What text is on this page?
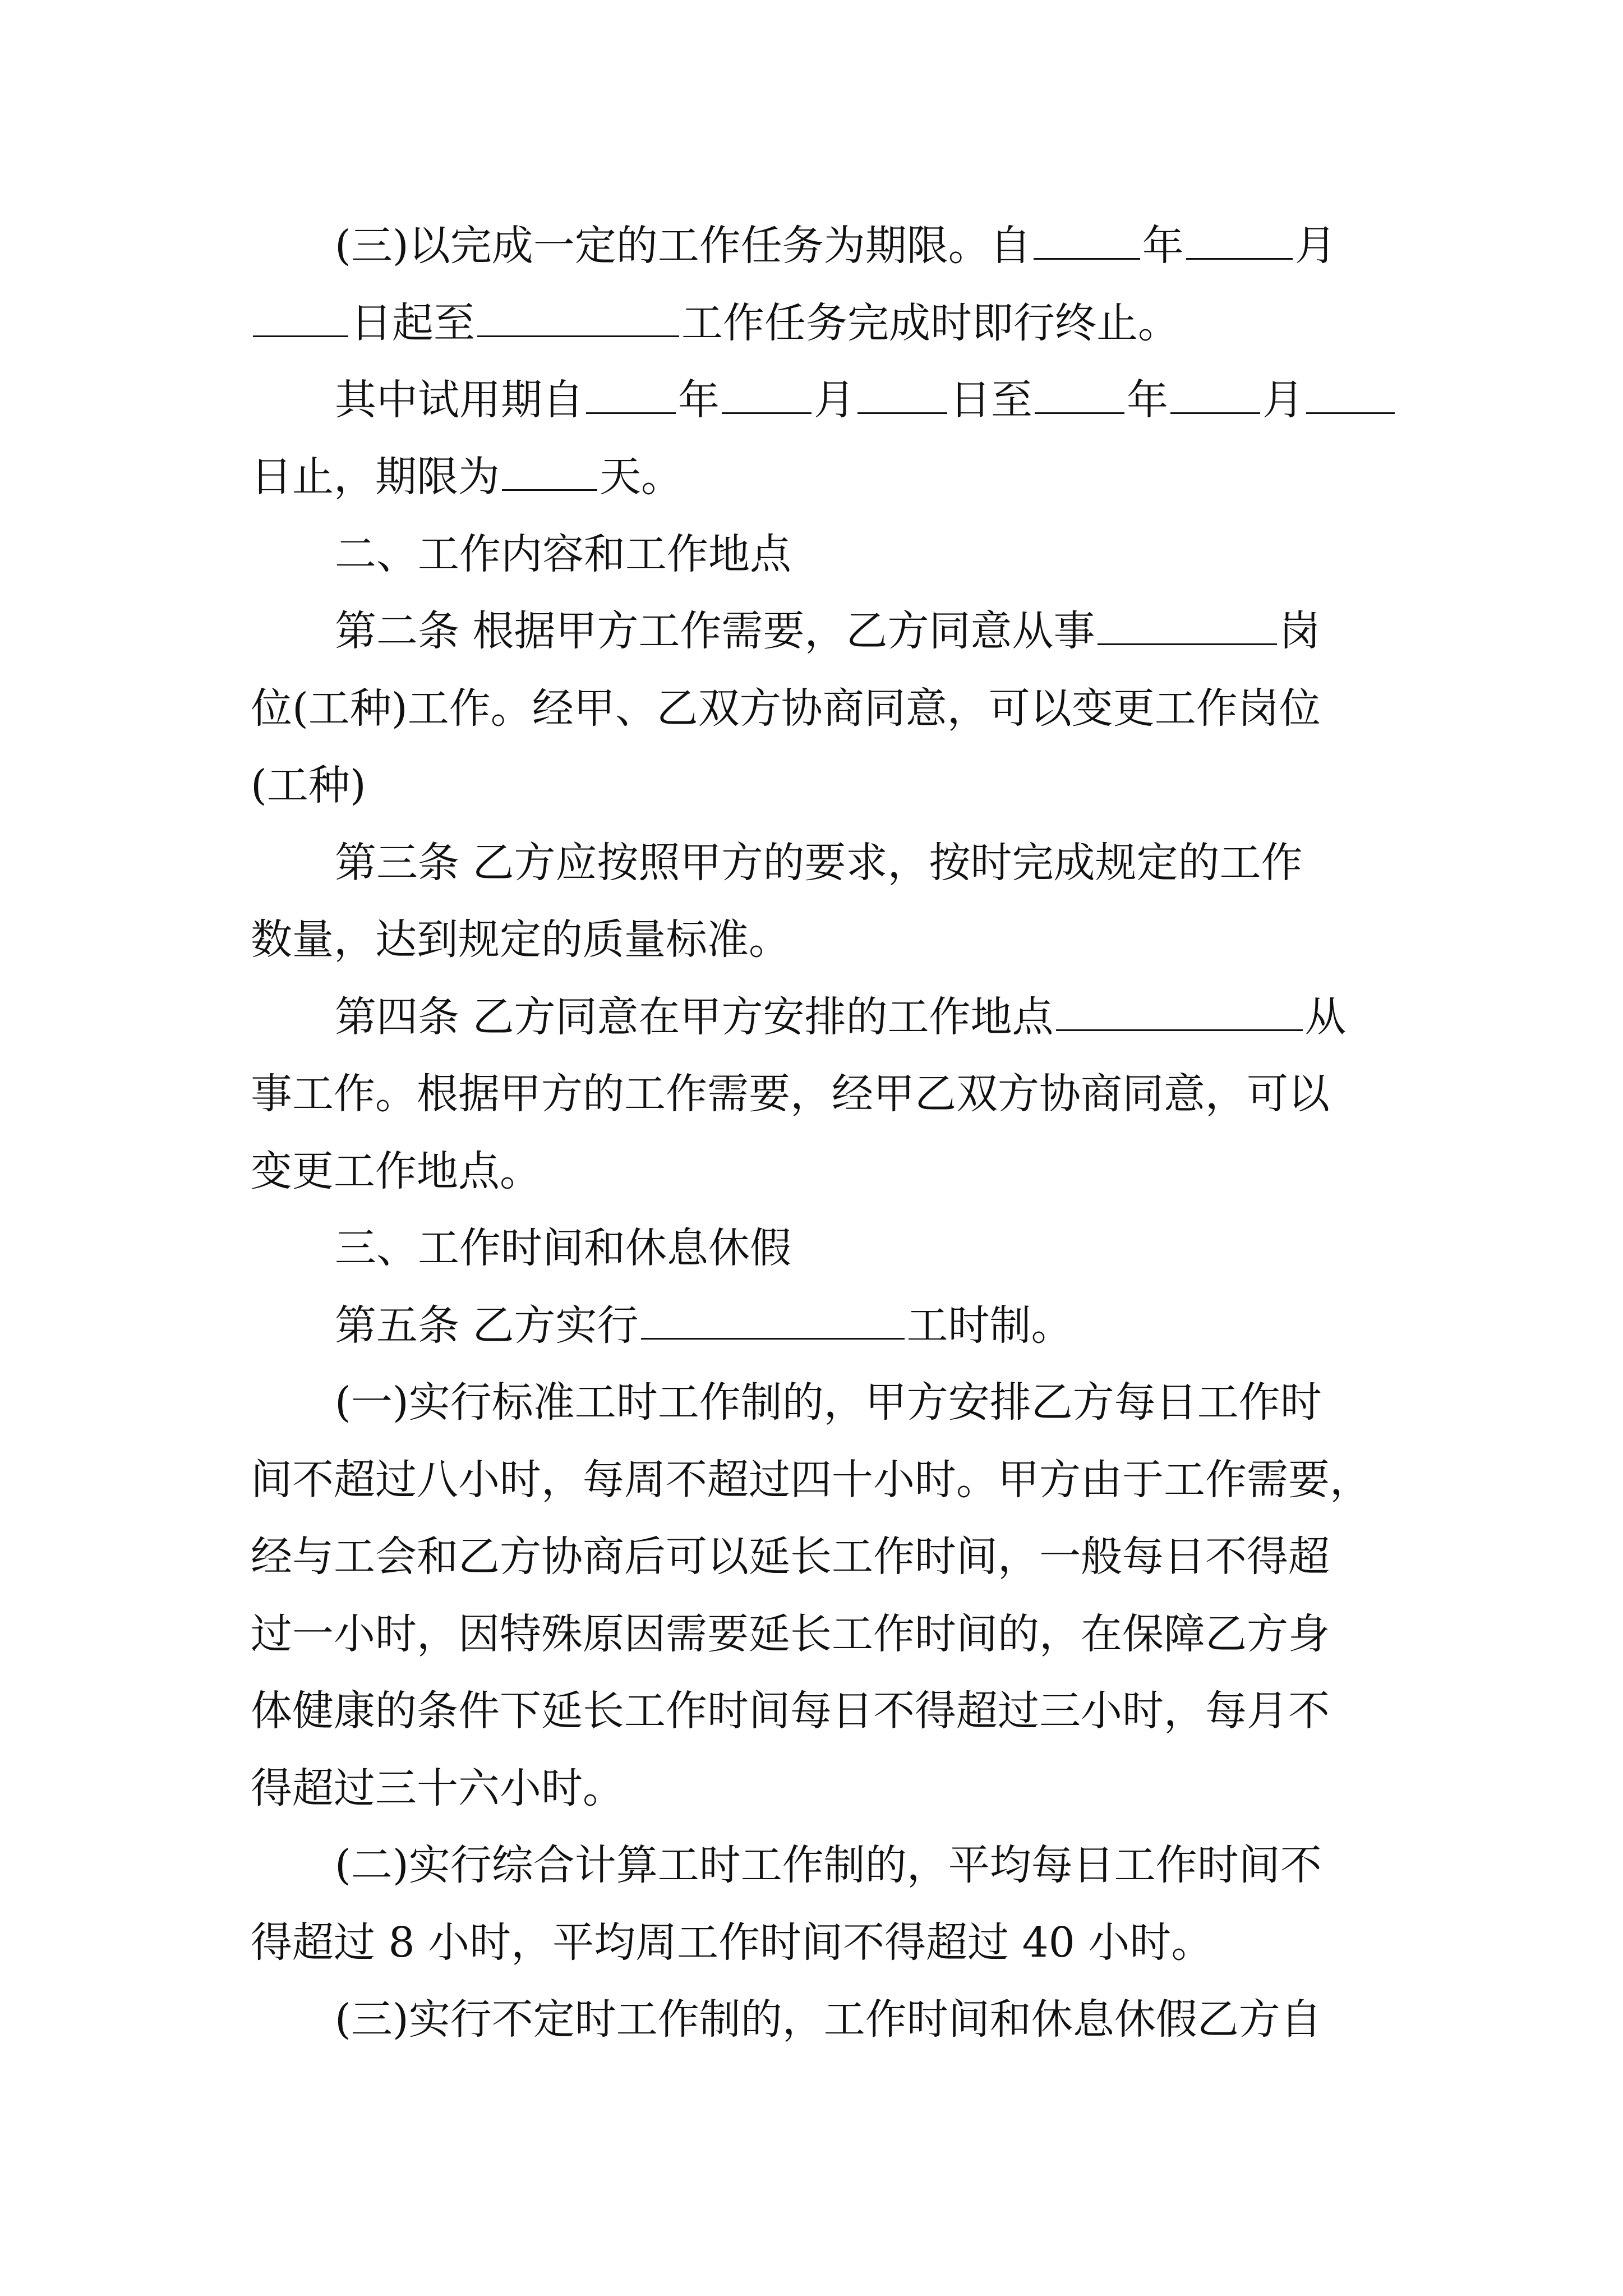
(三)以完成一定的工作任务为期限。自	年	月
日起至	工作任务完成时即行终止。
其中试用期自 年 月 日至 年 月
日止，期限为 天。
二、工作内容和工作地点
第二条 根据甲方工作需要，乙方同意从事	岗
位(工种)工作。经甲、乙双方协商同意，可以变更工作岗位
(工种)
第三条 乙方应按照甲方的要求，按时完成规定的工作
数量，达到规定的质量标准。
第四条 乙方同意在甲方安排的工作地点	从
事工作。根据甲方的工作需要，经甲乙双方协商同意，可以
变更工作地点。
三、工作时间和休息休假
第五条 乙方实行	工时制。
(一)实行标准工时工作制的，甲方安排乙方每日工作时
间不超过八小时，每周不超过四十小时。甲方由于工作需要，
经与工会和乙方协商后可以延长工作时间，一般每日不得超
过一小时，因特殊原因需要延长工作时间的，在保障乙方身
体健康的条件下延长工作时间每日不得超过三小时，每月不
得超过三十六小时。
(二)实行综合计算工时工作制的，平均每日工作时间不
得超过 8 小时，平均周工作时间不得超过 40 小时。
(三)实行不定时工作制的，工作时间和休息休假乙方自
